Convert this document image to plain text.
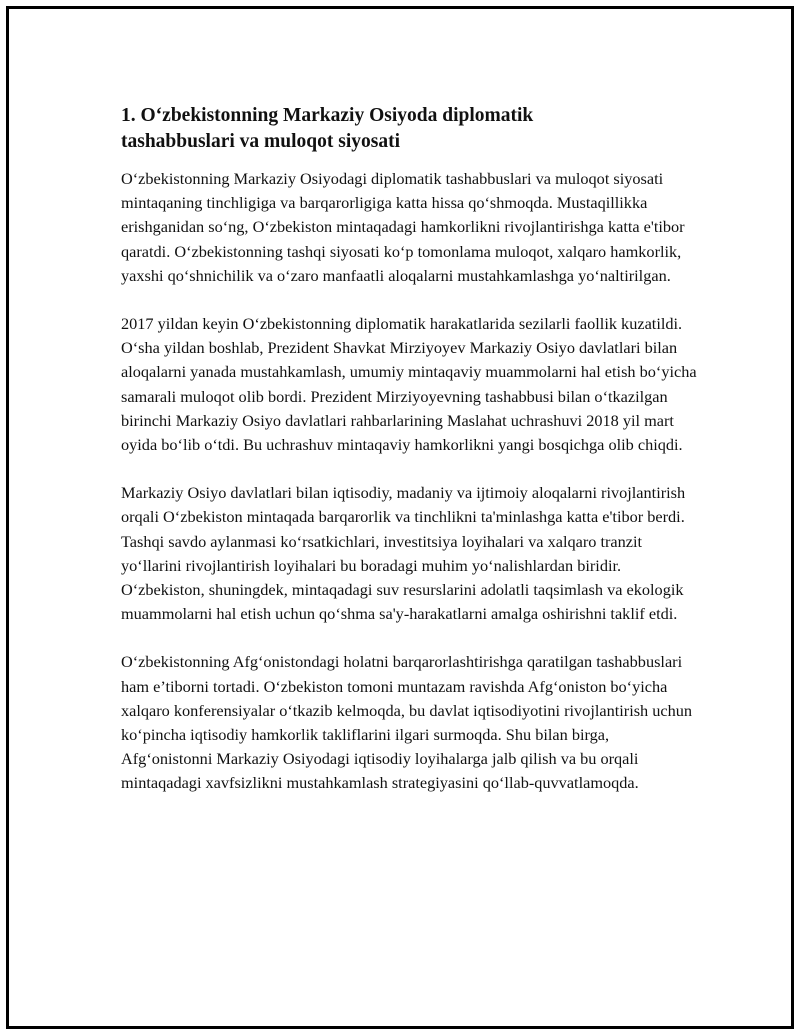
1. O‘zbekistonning Markaziy Osiyoda diplomatik
tashabbuslari va muloqot siyosati

O‘zbekistonning Markaziy Osiyodagi diplomatik tashabbuslari va muloqot siyosati mintaqaning tinchligiga va barqarorligiga katta hissa qo‘shmoqda. Mustaqillikka erishganidan so‘ng, O‘zbekiston mintaqadagi hamkorlikni rivojlantirishga katta e'tibor qaratdi. O‘zbekistonning tashqi siyosati ko‘p tomonlama muloqot, xalqaro hamkorlik, yaxshi qo‘shnichilik va o‘zaro manfaatli aloqalarni mustahkamlashga yo‘naltirilgan.

2017 yildan keyin O‘zbekistonning diplomatik harakatlarida sezilarli faollik kuzatildi. O‘sha yildan boshlab, Prezident Shavkat Mirziyoyev Markaziy Osiyo davlatlari bilan aloqalarni yanada mustahkamlash, umumiy mintaqaviy muammolarni hal etish bo‘yicha samarali muloqot olib bordi. Prezident Mirziyoyevning tashabbusi bilan o‘tkazilgan birinchi Markaziy Osiyo davlatlari rahbarlarining Maslahat uchrashuvi 2018 yil mart oyida bo‘lib o‘tdi. Bu uchrashuv mintaqaviy hamkorlikni yangi bosqichga olib chiqdi.

Markaziy Osiyo davlatlari bilan iqtisodiy, madaniy va ijtimoiy aloqalarni rivojlantirish orqali O‘zbekiston mintaqada barqarorlik va tinchlikni ta'minlashga katta e'tibor berdi. Tashqi savdo aylanmasi ko‘rsatkichlari, investitsiya loyihalari va xalqaro tranzit yo‘llarini rivojlantirish loyihalari bu boradagi muhim yo‘nalishlardan biridir. O‘zbekiston, shuningdek, mintaqadagi suv resurslarini adolatli taqsimlash va ekologik muammolarni hal etish uchun qo‘shma sa'y-harakatlarni amalga oshirishni taklif etdi.

O‘zbekistonning Afg‘onistondagi holatni barqarorlashtirishga qaratilgan tashabbuslari ham e’tiborni tortadi. O‘zbekiston tomoni muntazam ravishda Afg‘oniston bo‘yicha xalqaro konferensiyalar o‘tkazib kelmoqda, bu davlat iqtisodiyotini rivojlantirish uchun ko‘pincha iqtisodiy hamkorlik takliflarini ilgari surmoqda. Shu bilan birga, Afg‘onistonni Markaziy Osiyodagi iqtisodiy loyihalarga jalb qilish va bu orqali mintaqadagi xavfsizlikni mustahkamlash strategiyasini qo‘llab-quvvatlamoqda.
